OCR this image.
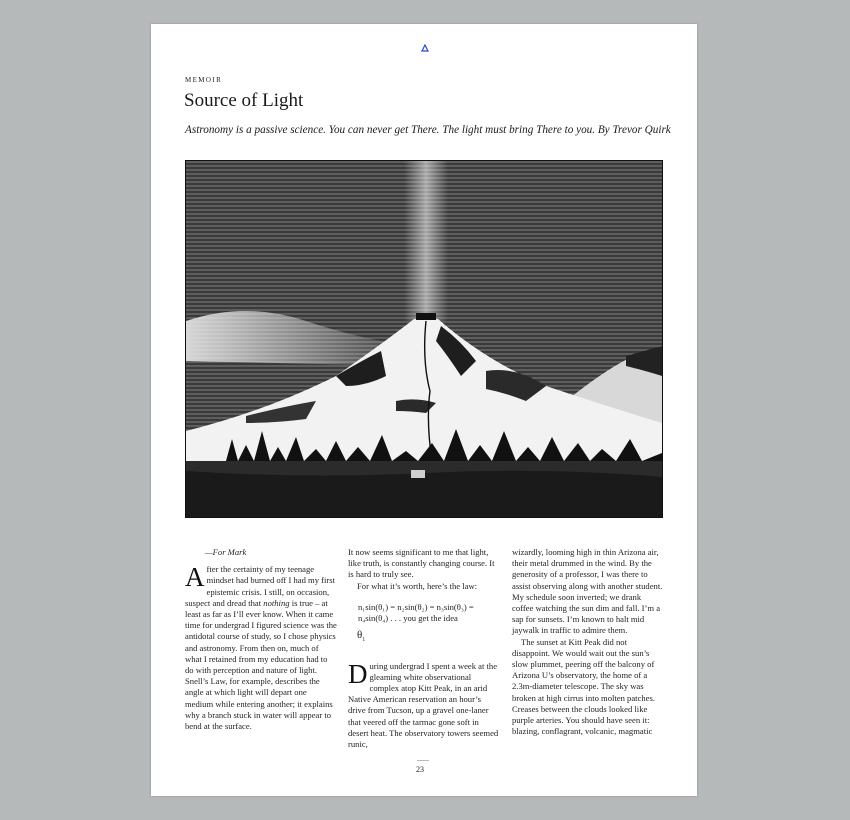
MEMOIR
Source of Light
Astronomy is a passive science. You can never get There. The light must bring There to you. By Trevor Quirk

—For Mark

After the certainty of my teenage mindset had burned off I had my first epistemic crisis. I still, on occasion, suspect and dread that nothing is true – at least as far as I’ll ever know. When it came time for undergrad I figured science was the antidotal course of study, so I chose physics and astronomy. From then on, much of what I retained from my education had to do with perception and nature of light. Snell’s Law, for example, describes the angle at which light will depart one medium while entering another; it explains why a branch stuck in water will appear to bend at the surface.

It now seems significant to me that light, like truth, is constantly changing course. It is hard to truly see.

For what it’s worth, here’s the law:

n₁sin(θ₁) = n₂sin(θ₂) = n₃sin(θ₃) = n₄sin(θ₄) . . . you get the idea

$\theta_1$

During undergrad I spent a week at the gleaming white observational complex atop Kitt Peak, in an arid Native American reservation an hour’s drive from Tucson, up a gravel one-laner that veered off the tarmac gone soft in desert heat. The observatory towers seemed runic,

wizardly, looming high in thin Arizona air, their metal drummed in the wind. By the generosity of a professor, I was there to assist observing along with another student. My schedule soon inverted; we drank coffee watching the sun dim and fall. I’m a sap for sunsets. I’m known to halt mid jaywalk in traffic to admire them.

The sunset at Kitt Peak did not disappoint. We would wait out the sun’s slow plummet, peering off the balcony of Arizona U’s observatory, the home of a 2.3m-diameter telescope. The sky was broken at high cirrus into molten patches. Creases between the clouds looked like purple arteries. You should have seen it: blazing, conflagrant, volcanic, magmatic

23
